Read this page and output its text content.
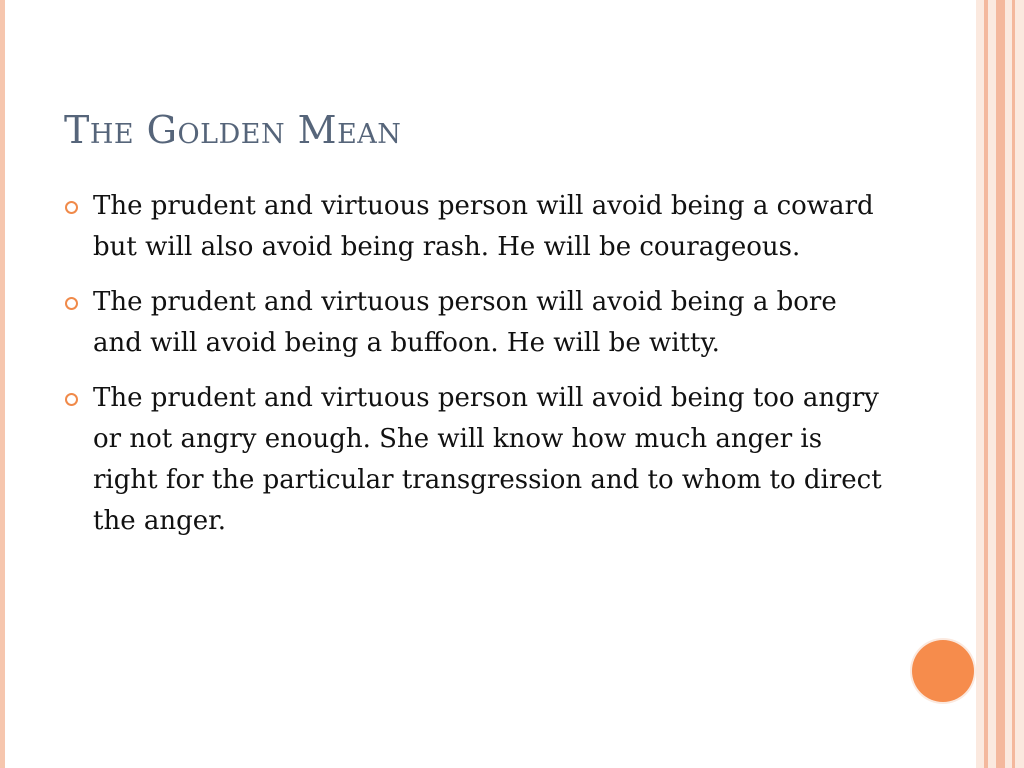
The Golden Mean
The prudent and virtuous person will avoid being a coward but will also avoid being rash. He will be courageous.
The prudent and virtuous person will avoid being a bore and will avoid being a buffoon. He will be witty.
The prudent and virtuous person will avoid being too angry or not angry enough. She will know how much anger is right for the particular transgression and to whom to direct the anger.
